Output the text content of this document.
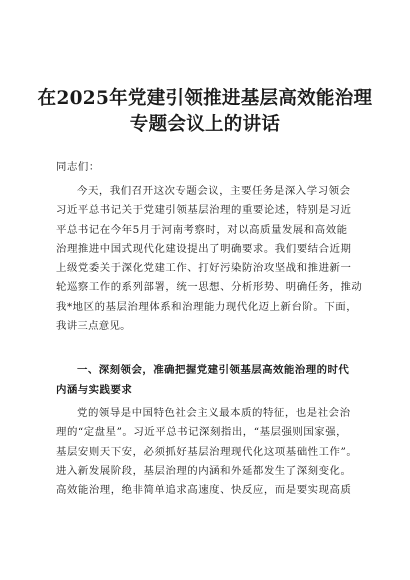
在2025年党建引领推进基层高效能治理
专题会议上的讲话
同志们：
今天，我们召开这次专题会议，主要任务是深入学习领会
习近平总书记关于党建引领基层治理的重要论述，特别是习近
平总书记在今年5月于河南考察时，对以高质量发展和高效能
治理推进中国式现代化建设提出了明确要求。我们要结合近期
上级党委关于深化党建工作、打好污染防治攻坚战和推进新一
轮巡察工作的系列部署，统一思想、分析形势、明确任务，推动
我*地区的基层治理体系和治理能力现代化迈上新台阶。下面，
我讲三点意见。
一、深刻领会，准确把握党建引领基层高效能治理的时代
内涵与实践要求
党的领导是中国特色社会主义最本质的特征，也是社会治
理的“定盘星”。习近平总书记深刻指出，“基层强则国家强，
基层安则天下安，必须抓好基层治理现代化这项基础性工作”。
进入新发展阶段，基层治理的内涵和外延都发生了深刻变化。
高效能治理，绝非简单追求高速度、快反应，而是要实现高质
